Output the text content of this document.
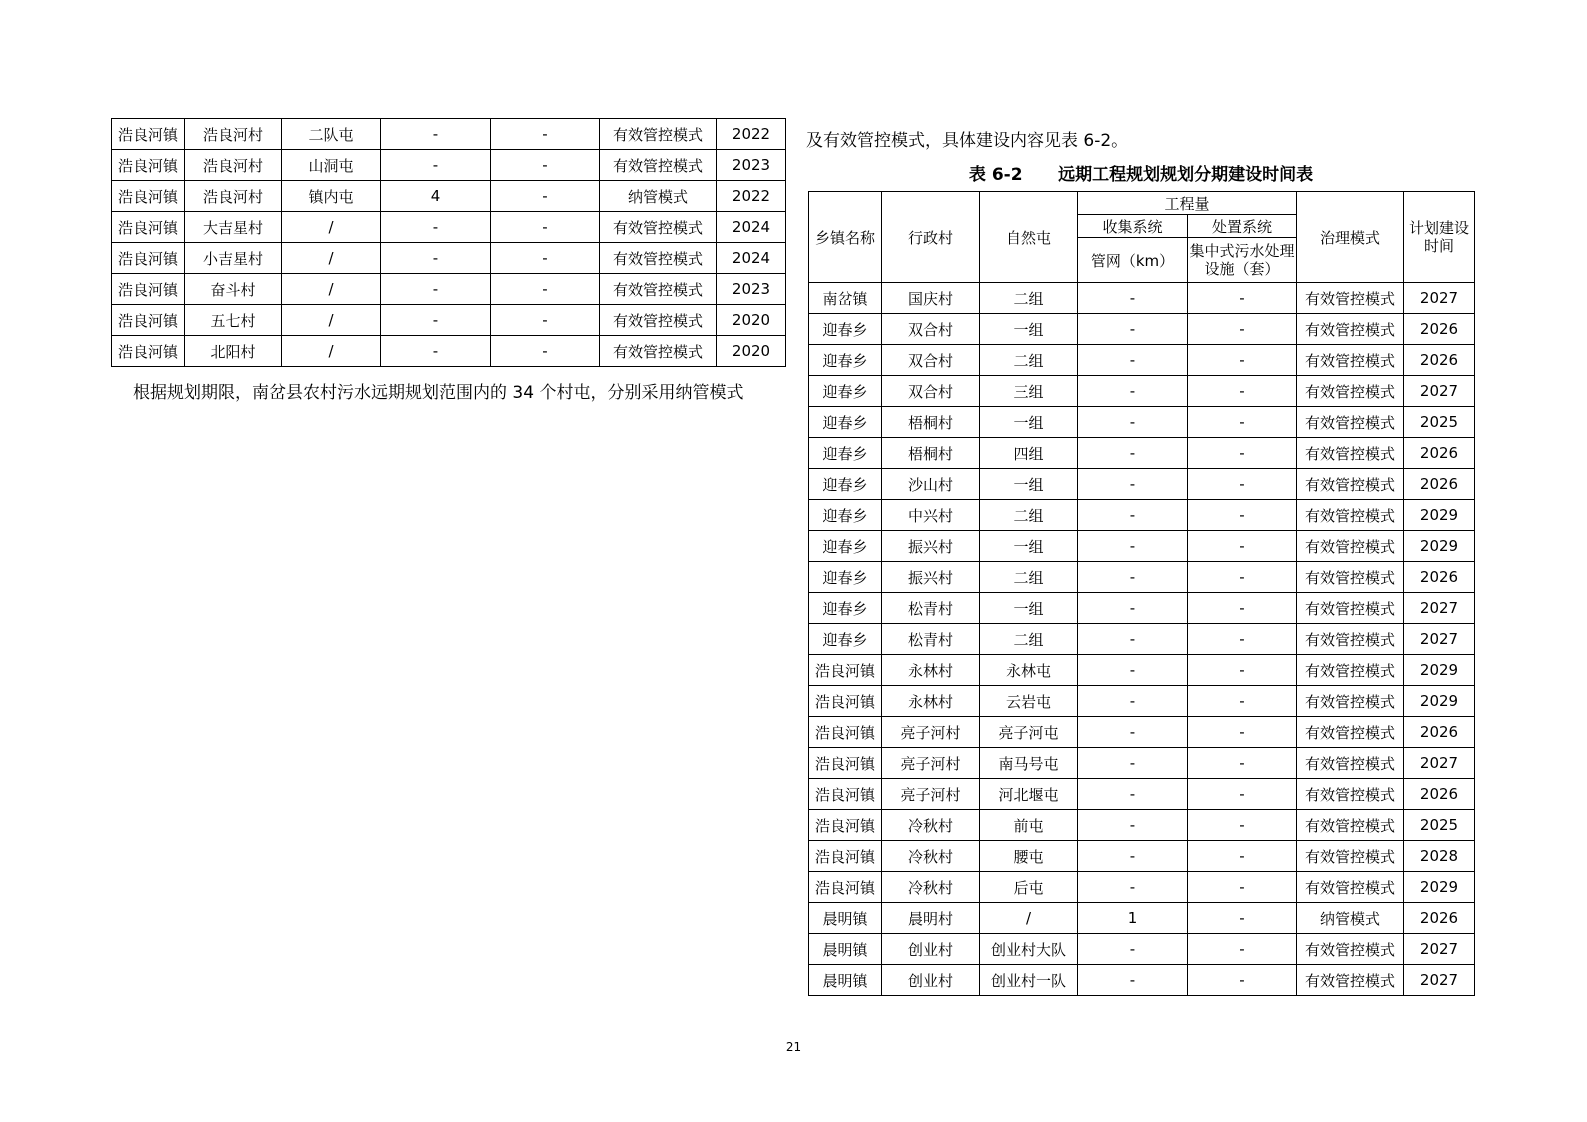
浩良河镇	浩良河村	二队屯	-	-	有效管控模式	2022
浩良河镇	浩良河村	山洞屯	-	-	有效管控模式	2023
浩良河镇	浩良河村	镇内屯	4	-	纳管模式	2022
浩良河镇	大吉星村	/	-	-	有效管控模式	2024
浩良河镇	小吉星村	/	-	-	有效管控模式	2024
浩良河镇	奋斗村	/	-	-	有效管控模式	2023
浩良河镇	五七村	/	-	-	有效管控模式	2020
浩良河镇	北阳村	/	-	-	有效管控模式	2020

根据规划期限，南岔县农村污水远期规划范围内的 34 个村屯，分别采用纳管模式

及有效管控模式，具体建设内容见表 6-2。

表 6-2      远期工程规划规划分期建设时间表
乡镇名称	行政村	自然屯	工程量		治理模式	计划建设时间
			收集系统	处置系统		
			管网（km）	集中式污水处理设施（套）		
南岔镇	国庆村	二组	-	-	有效管控模式	2027
迎春乡	双合村	一组	-	-	有效管控模式	2026
迎春乡	双合村	二组	-	-	有效管控模式	2026
迎春乡	双合村	三组	-	-	有效管控模式	2027
迎春乡	梧桐村	一组	-	-	有效管控模式	2025
迎春乡	梧桐村	四组	-	-	有效管控模式	2026
迎春乡	沙山村	一组	-	-	有效管控模式	2026
迎春乡	中兴村	二组	-	-	有效管控模式	2029
迎春乡	振兴村	一组	-	-	有效管控模式	2029
迎春乡	振兴村	二组	-	-	有效管控模式	2026
迎春乡	松青村	一组	-	-	有效管控模式	2027
迎春乡	松青村	二组	-	-	有效管控模式	2027
浩良河镇	永林村	永林屯	-	-	有效管控模式	2029
浩良河镇	永林村	云岩屯	-	-	有效管控模式	2029
浩良河镇	亮子河村	亮子河屯	-	-	有效管控模式	2026
浩良河镇	亮子河村	南马号屯	-	-	有效管控模式	2027
浩良河镇	亮子河村	河北堰屯	-	-	有效管控模式	2026
浩良河镇	冷秋村	前屯	-	-	有效管控模式	2025
浩良河镇	冷秋村	腰屯	-	-	有效管控模式	2028
浩良河镇	冷秋村	后屯	-	-	有效管控模式	2029
晨明镇	晨明村	/	1	-	纳管模式	2026
晨明镇	创业村	创业村大队	-	-	有效管控模式	2027
晨明镇	创业村	创业村一队	-	-	有效管控模式	2027
21
